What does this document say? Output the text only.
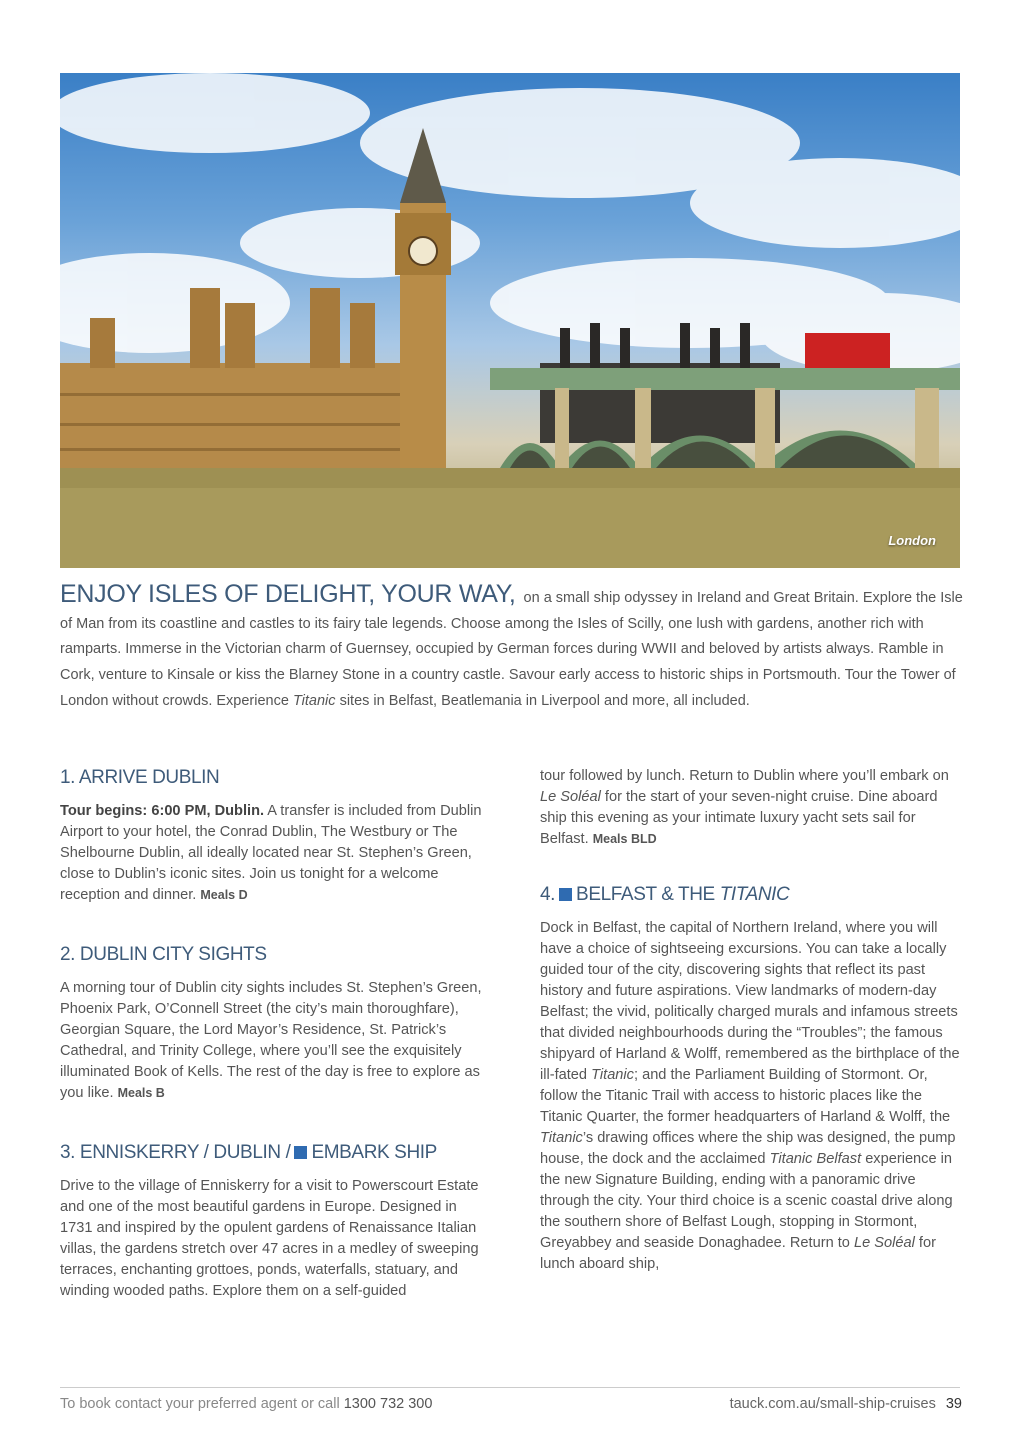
London
ENJOY ISLES OF DELIGHT, YOUR WAY, on a small ship odyssey in Ireland and Great Britain. Explore the Isle of Man from its coastline and castles to its fairy tale legends. Choose among the Isles of Scilly, one lush with gardens, another rich with ramparts. Immerse in the Victorian charm of Guernsey, occupied by German forces during WWII and beloved by artists always. Ramble in Cork, venture to Kinsale or kiss the Blarney Stone in a country castle. Savour early access to historic ships in Portsmouth. Tour the Tower of London without crowds. Experience Titanic sites in Belfast, Beatlemania in Liverpool and more, all included.
1. ARRIVE DUBLIN

Tour begins: 6:00 PM, Dublin. A transfer is included from Dublin Airport to your hotel, the Conrad Dublin, The Westbury or The Shelbourne Dublin, all ideally located near St. Stephen’s Green, close to Dublin’s iconic sites. Join us tonight for a welcome reception and dinner. Meals D

2. DUBLIN CITY SIGHTS

A morning tour of Dublin city sights includes St. Stephen’s Green, Phoenix Park, O’Connell Street (the city’s main thoroughfare), Georgian Square, the Lord Mayor’s Residence, St. Patrick’s Cathedral, and Trinity College, where you’ll see the exquisitely illuminated Book of Kells. The rest of the day is free to explore as you like. Meals B

3. ENNISKERRY / DUBLIN / EMBARK SHIP

Drive to the village of Enniskerry for a visit to Powerscourt Estate and one of the most beautiful gardens in Europe. Designed in 1731 and inspired by the opulent gardens of Renaissance Italian villas, the gardens stretch over 47 acres in a medley of sweeping terraces, enchanting grottoes, ponds, waterfalls, statuary, and winding wooded paths. Explore them on a self-guided

tour followed by lunch. Return to Dublin where you’ll embark on Le Soléal for the start of your seven-night cruise. Dine aboard ship this evening as your intimate luxury yacht sets sail for Belfast. Meals BLD

4. BELFAST & THE TITANIC

Dock in Belfast, the capital of Northern Ireland, where you will have a choice of sightseeing excursions. You can take a locally guided tour of the city, discovering sights that reflect its past history and future aspirations. View landmarks of modern-day Belfast; the vivid, politically charged murals and infamous streets that divided neighbourhoods during the “Troubles”; the famous shipyard of Harland & Wolff, remembered as the birthplace of the ill-fated Titanic; and the Parliament Building of Stormont. Or, follow the Titanic Trail with access to historic places like the Titanic Quarter, the former headquarters of Harland & Wolff, the Titanic’s drawing offices where the ship was designed, the pump house, the dock and the acclaimed Titanic Belfast experience in the new Signature Building, ending with a panoramic drive through the city. Your third choice is a scenic coastal drive along the southern shore of Belfast Lough, stopping in Stormont, Greyabbey and seaside Donaghadee. Return to Le Soléal for lunch aboard ship,

To book contact your preferred agent or call 1300 732 300	tauck.com.au/small-ship-cruises 39
